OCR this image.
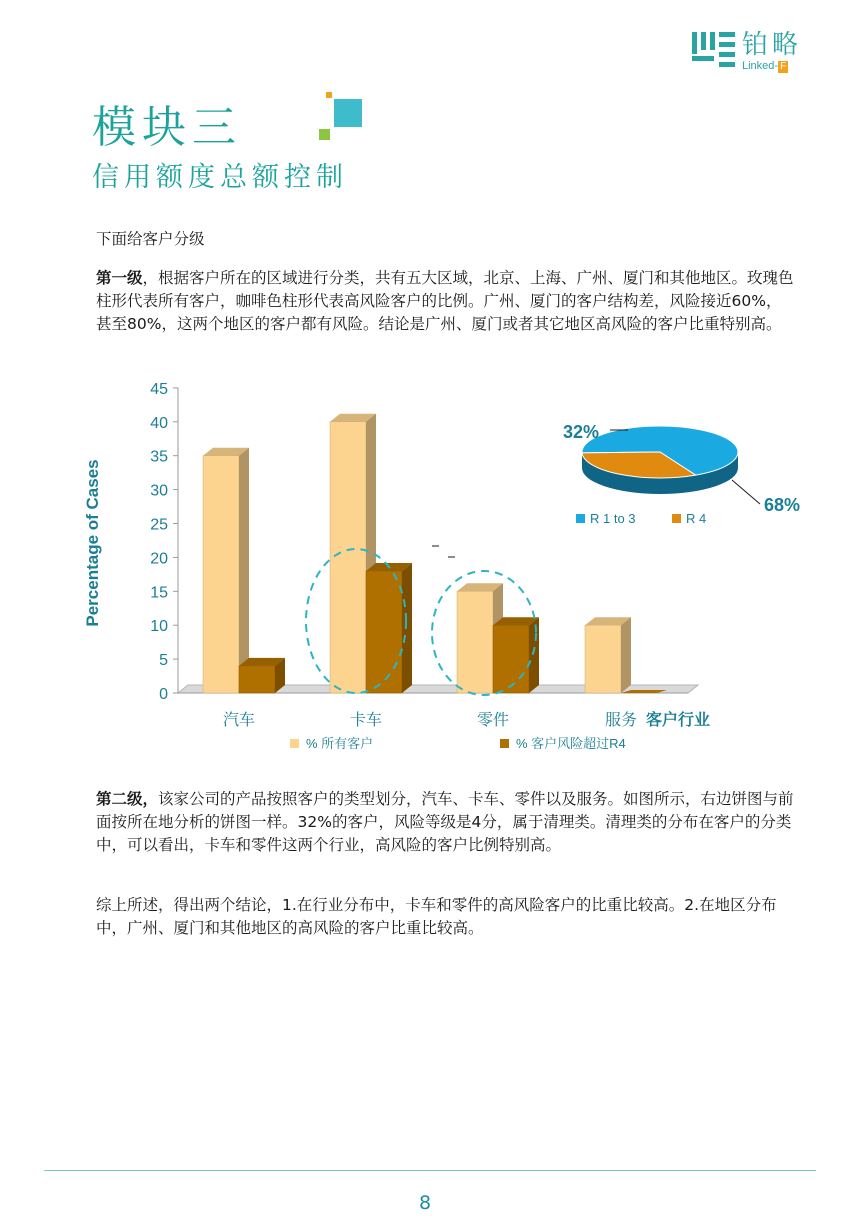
铂略
Linked- F
模块三
信用额度总额控制
下面给客户分级
第一级，根据客户所在的区域进行分类，共有五大区域，北京、上海、广州、厦门和其他地区。玫瑰色柱形代表所有客户，咖啡色柱形代表高风险客户的比例。广州、厦门的客户结构差，风险接近60%，甚至80%，这两个地区的客户都有风险。结论是广州、厦门或者其它地区高风险的客户比重特别高。
0
5
10
15
20
25
30
35
40
45
Percentage of Cases
汽车	卡车	零件	服务 客户行业
% 所有客户	% 客户风险超过R4
32%
68%
R 1 to 3	R 4
第二级，该家公司的产品按照客户的类型划分，汽车、卡车、零件以及服务。如图所示，右边饼图与前面按所在地分析的饼图一样。32%的客户，风险等级是4分，属于清理类。清理类的分布在客户的分类中，可以看出，卡车和零件这两个行业，高风险的客户比例特别高。
综上所述，得出两个结论，1.在行业分布中，卡车和零件的高风险客户的比重比较高。2.在地区分布中，广州、厦门和其他地区的高风险的客户比重比较高。
8
